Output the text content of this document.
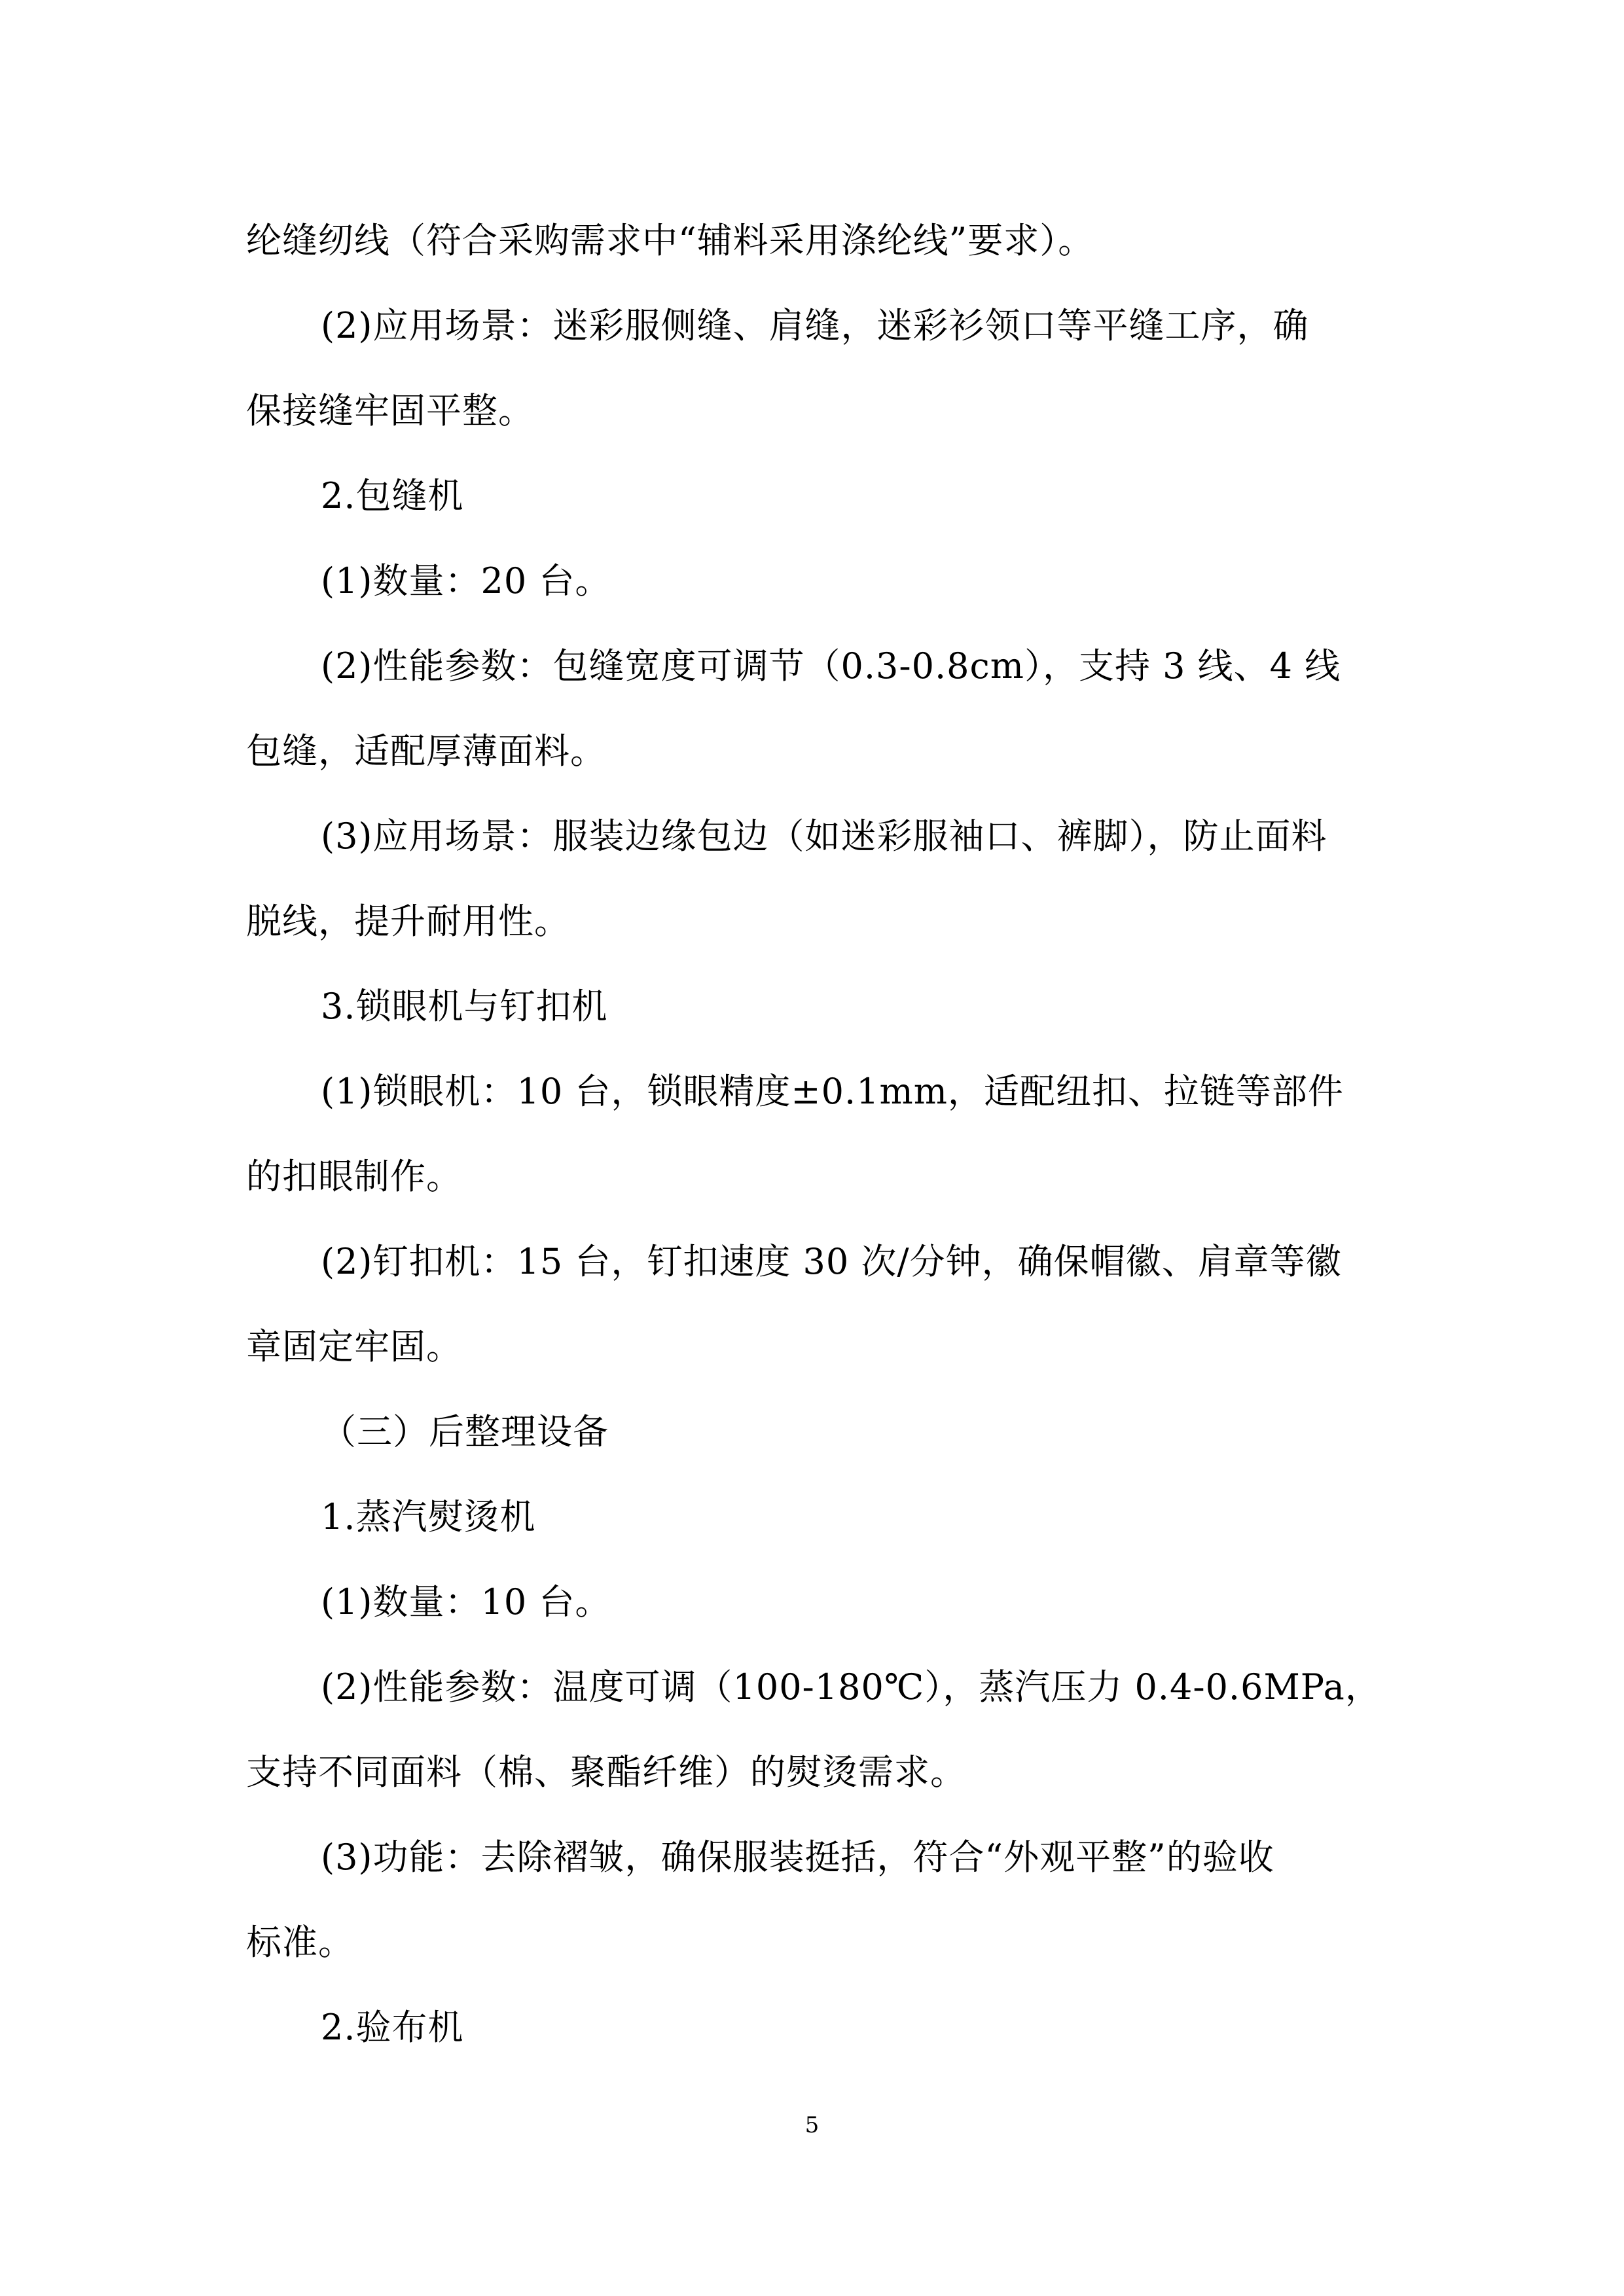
纶缝纫线（符合采购需求中“辅料采用涤纶线”要求）。
(2)应用场景：迷彩服侧缝、肩缝，迷彩衫领口等平缝工序，确
保接缝牢固平整。
2.包缝机
(1)数量：20 台。
(2)性能参数：包缝宽度可调节（0.3-0.8cm），支持 3 线、4 线
包缝，适配厚薄面料。
(3)应用场景：服装边缘包边（如迷彩服袖口、裤脚），防止面料
脱线，提升耐用性。
3.锁眼机与钉扣机
(1)锁眼机：10 台，锁眼精度±0.1mm，适配纽扣、拉链等部件
的扣眼制作。
(2)钉扣机：15 台，钉扣速度 30 次/分钟，确保帽徽、肩章等徽
章固定牢固。
（三）后整理设备
1.蒸汽熨烫机
(1)数量：10 台。
(2)性能参数：温度可调（100-180℃），蒸汽压力 0.4-0.6MPa，
支持不同面料（棉、聚酯纤维）的熨烫需求。
(3)功能：去除褶皱，确保服装挺括，符合“外观平整”的验收
标准。
2.验布机
5
